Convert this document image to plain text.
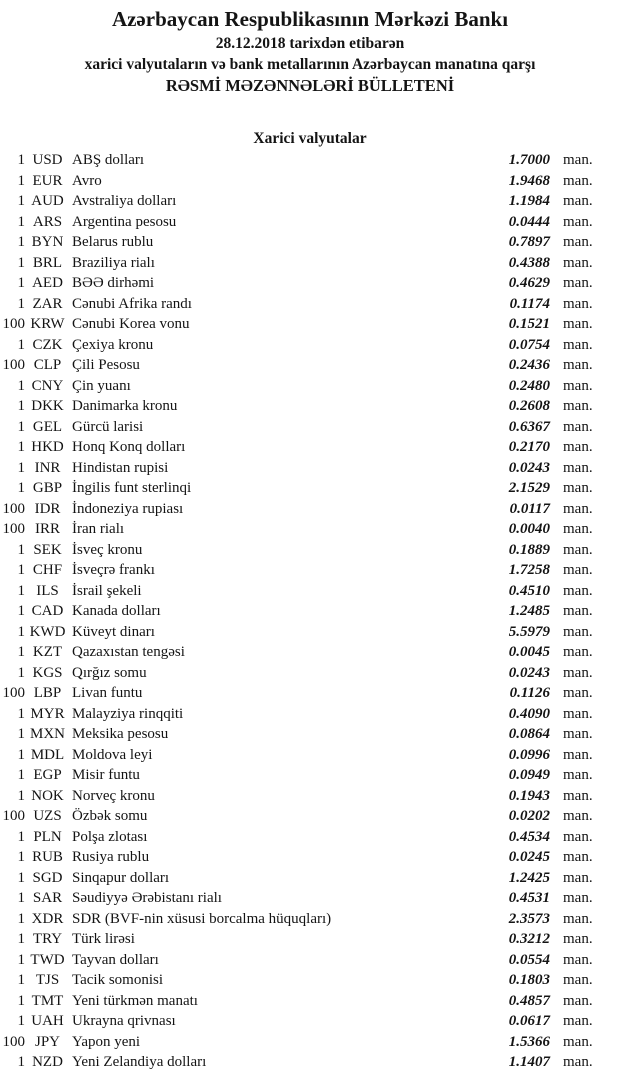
Azərbaycan Respublikasının Mərkəzi Bankı
28.12.2018 tarixdən etibarən
xarici valyutaların və bank metallarının Azərbaycan manatına qarşı
RƏSMİ MƏZƏNNƏLƏRİ BÜLLETENİ
Xarici valyutalar
1 USD ABŞ dolları	1.7000 man.
1 EUR Avro	1.9468 man.
1 AUD Avstraliya dolları	1.1984 man.
1 ARS Argentina pesosu	0.0444 man.
1 BYN Belarus rublu	0.7897 man.
1 BRL Braziliya rialı	0.4388 man.
1 AED BƏƏ dirhəmi	0.4629 man.
1 ZAR Cənubi Afrika randı	0.1174 man.
100 KRW Cənubi Korea vonu	0.1521 man.
1 CZK Çexiya kronu	0.0754 man.
100 CLP Çili Pesosu	0.2436 man.
1 CNY Çin yuanı	0.2480 man.
1 DKK Danimarka kronu	0.2608 man.
1 GEL Gürcü larisi	0.6367 man.
1 HKD Honq Konq dolları	0.2170 man.
1 INR Hindistan rupisi	0.0243 man.
1 GBP İngilis funt sterlinqi	2.1529 man.
100 IDR İndoneziya rupiası	0.0117 man.
100 IRR İran rialı	0.0040 man.
1 SEK İsveç kronu	0.1889 man.
1 CHF İsveçrə frankı	1.7258 man.
1 ILS İsrail şekeli	0.4510 man.
1 CAD Kanada dolları	1.2485 man.
1 KWD Küveyt dinarı	5.5979 man.
1 KZT Qazaxıstan tengəsi	0.0045 man.
1 KGS Qırğız somu	0.0243 man.
100 LBP Livan funtu	0.1126 man.
1 MYR Malayziya rinqqiti	0.4090 man.
1 MXN Meksika pesosu	0.0864 man.
1 MDL Moldova leyi	0.0996 man.
1 EGP Misir funtu	0.0949 man.
1 NOK Norveç kronu	0.1943 man.
100 UZS Özbək somu	0.0202 man.
1 PLN Polşa zlotası	0.4534 man.
1 RUB Rusiya rublu	0.0245 man.
1 SGD Sinqapur dolları	1.2425 man.
1 SAR Səudiyyə Ərəbistanı rialı	0.4531 man.
1 XDR SDR (BVF-nin xüsusi borcalma hüquqları)	2.3573 man.
1 TRY Türk lirəsi	0.3212 man.
1 TWD Tayvan dolları	0.0554 man.
1 TJS Tacik somonisi	0.1803 man.
1 TMT Yeni türkmən manatı	0.4857 man.
1 UAH Ukrayna qrivnası	0.0617 man.
100 JPY Yapon yeni	1.5366 man.
1 NZD Yeni Zelandiya dolları	1.1407 man.
